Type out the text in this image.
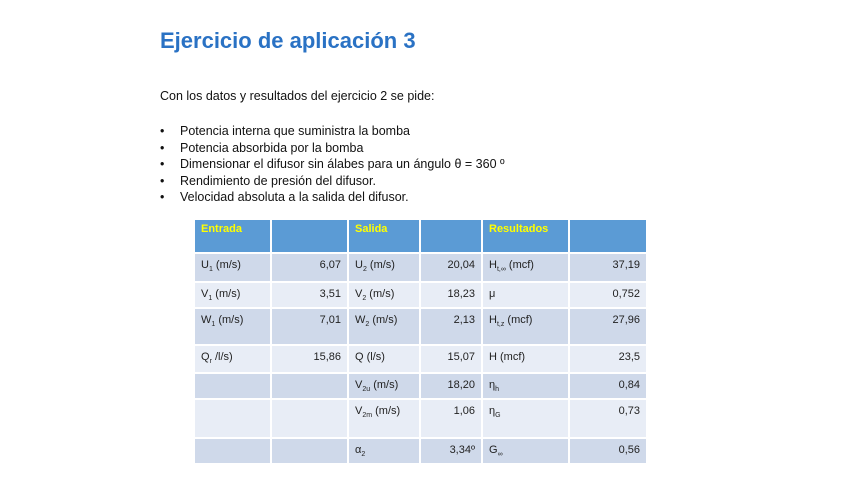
Ejercicio de aplicación 3
Con los datos y resultados del ejercicio 2 se pide:
• Potencia interna que suministra la bomba
• Potencia absorbida por la bomba
• Dimensionar el difusor sin álabes para un ángulo θ = 360 º
• Rendimiento de presión del difusor.
• Velocidad absoluta a la salida del difusor.
Entrada		Salida		Resultados	
$U_1$ (m/s)	6,07	$U_2$ (m/s)	20,04	$H_{t,\infty}$ (mcf)	37,19
$V_1$ (m/s)	3,51	$V_2$ (m/s)	18,23	μ	0,752
$W_1$ (m/s)	7,01	$W_2$ (m/s)	2,13	$H_{t,z}$ (mcf)	27,96
$Q_r$ /l/s)	15,86	Q (l/s)	15,07	H (mcf)	23,5
		$V_{2u}$ (m/s)	18,20	$\eta_h$	0,84
		$V_{2m}$ (m/s)	1,06	$\eta_G$	0,73
		$\alpha_2$	3,34º	$G_\infty$	0,56
